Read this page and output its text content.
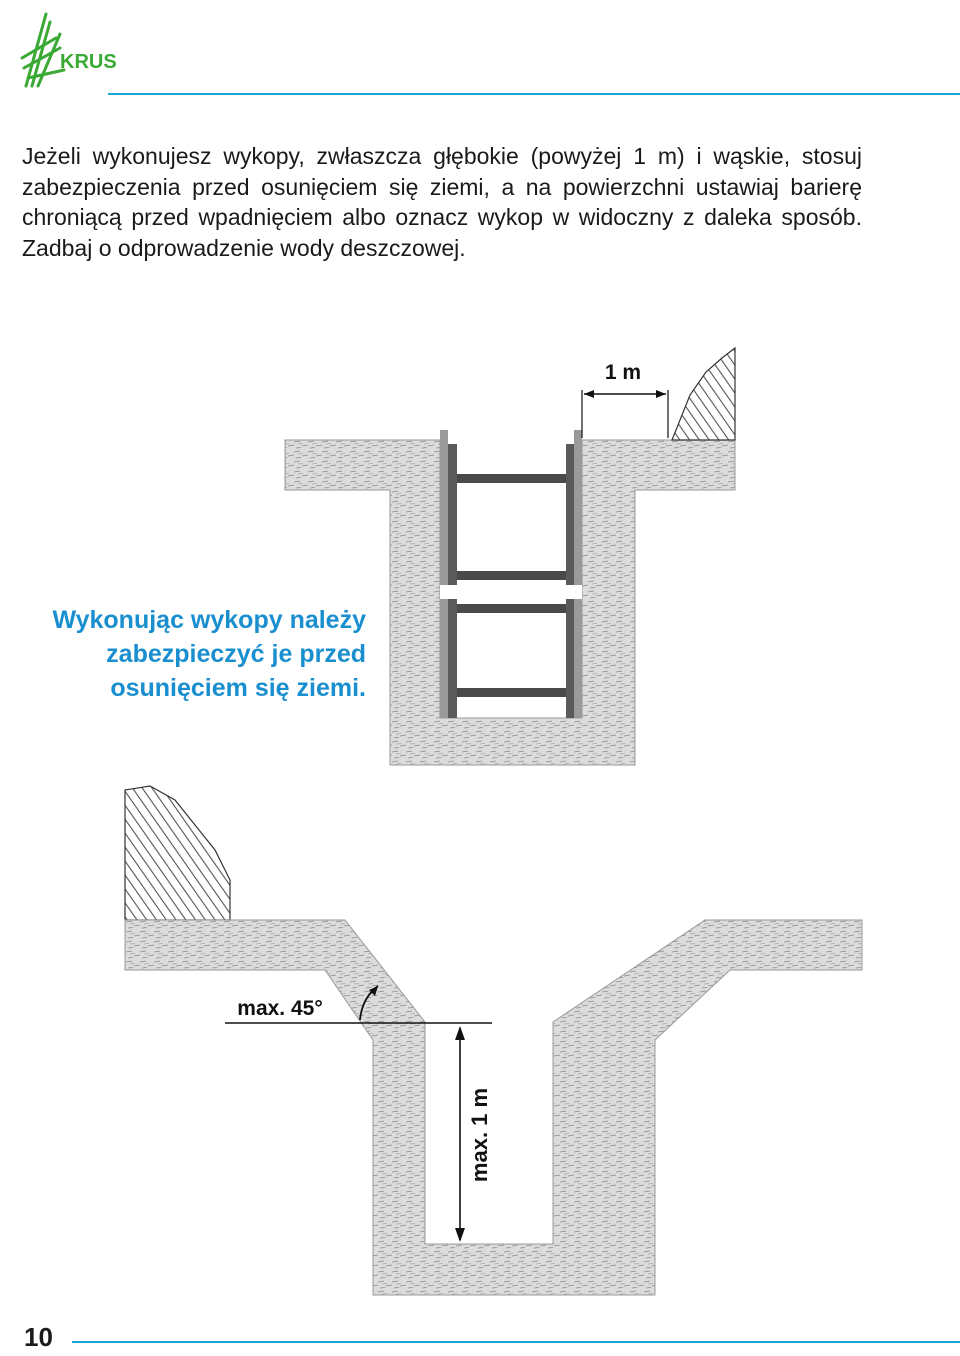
KRUS
Jeżeli wykonujesz wykopy, zwłaszcza głębokie (powyżej 1 m) i wąskie, stosuj zabezpieczenia przed osunięciem się ziemi, a na powierzchni ustawiaj barierę chroniącą przed wpadnięciem albo oznacz wykop w widoczny z daleka sposób. Zadbaj o odprowadzenie wody deszczowej.
1 m
max. 45°
max. 1 m
Wykonując wykopy należy zabezpieczyć je przed osunięciem się ziemi.
10
